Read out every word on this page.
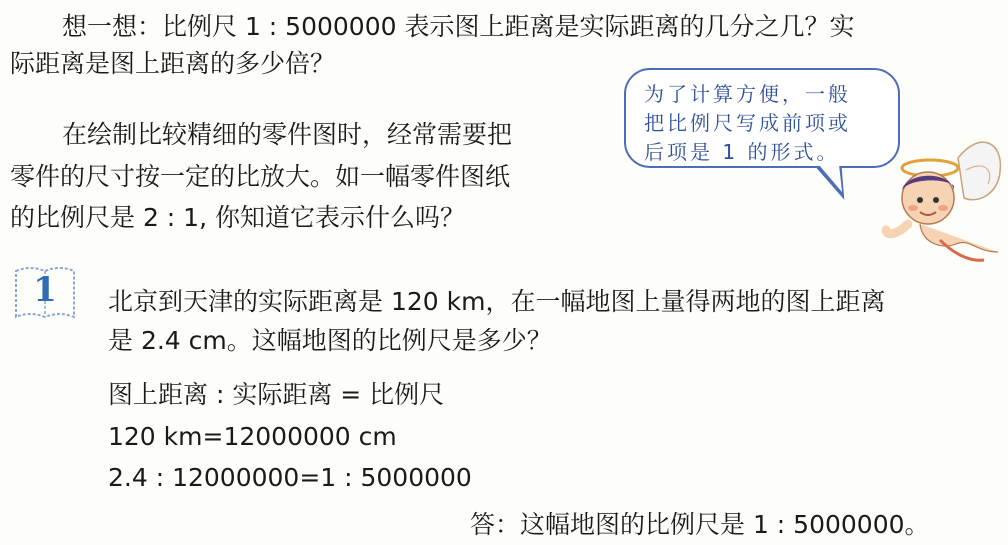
想一想：比例尺 1 : 5000000 表示图上距离是实际距离的几分之几？实
际距离是图上距离的多少倍？
在绘制比较精细的零件图时，经常需要把
零件的尺寸按一定的比放大。如一幅零件图纸
的比例尺是 2 : 1, 你知道它表示什么吗？
为了计算方便，一般
把比例尺写成前项或
后项是 1 的形式。
1	北京到天津的实际距离是 120 km，在一幅地图上量得两地的图上距离
是 2.4 cm。这幅地图的比例尺是多少？
图上距离 : 实际距离 = 比例尺
120 km=12000000 cm
2.4 : 12000000=1 : 5000000
答：这幅地图的比例尺是 1 : 5000000。
